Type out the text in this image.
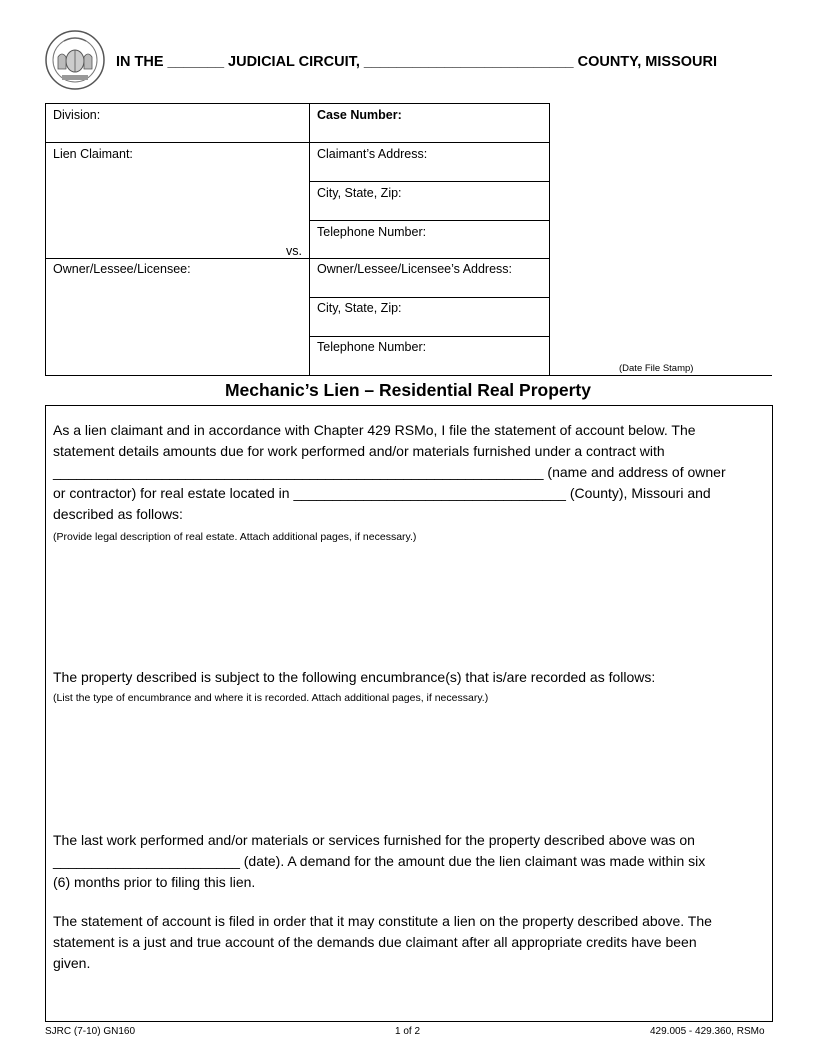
IN THE _______ JUDICIAL CIRCUIT, __________________________ COUNTY, MISSOURI
Division:	Case Number:
Lien Claimant:	Claimant’s Address:
City, State, Zip:
Telephone Number:
vs.
Owner/Lessee/Licensee:	Owner/Lessee/Licensee’s Address:
City, State, Zip:
Telephone Number:
(Date File Stamp)
Mechanic’s Lien – Residential Real Property
As a lien claimant and in accordance with Chapter 429 RSMo, I file the statement of account below. The
statement details amounts due for work performed and/or materials furnished under a contract with
_______________________________________________________________ (name and address of owner
or contractor) for real estate located in ___________________________________ (County), Missouri and
described as follows:
(Provide legal description of real estate. Attach additional pages, if necessary.)
The property described is subject to the following encumbrance(s) that is/are recorded as follows:
(List the type of encumbrance and where it is recorded. Attach additional pages, if necessary.)
The last work performed and/or materials or services furnished for the property described above was on
________________________ (date). A demand for the amount due the lien claimant was made within six
(6) months prior to filing this lien.
The statement of account is filed in order that it may constitute a lien on the property described above. The
statement is a just and true account of the demands due claimant after all appropriate credits have been
given.
SJRC (7-10) GN160	1 of 2	429.005 - 429.360, RSMo
